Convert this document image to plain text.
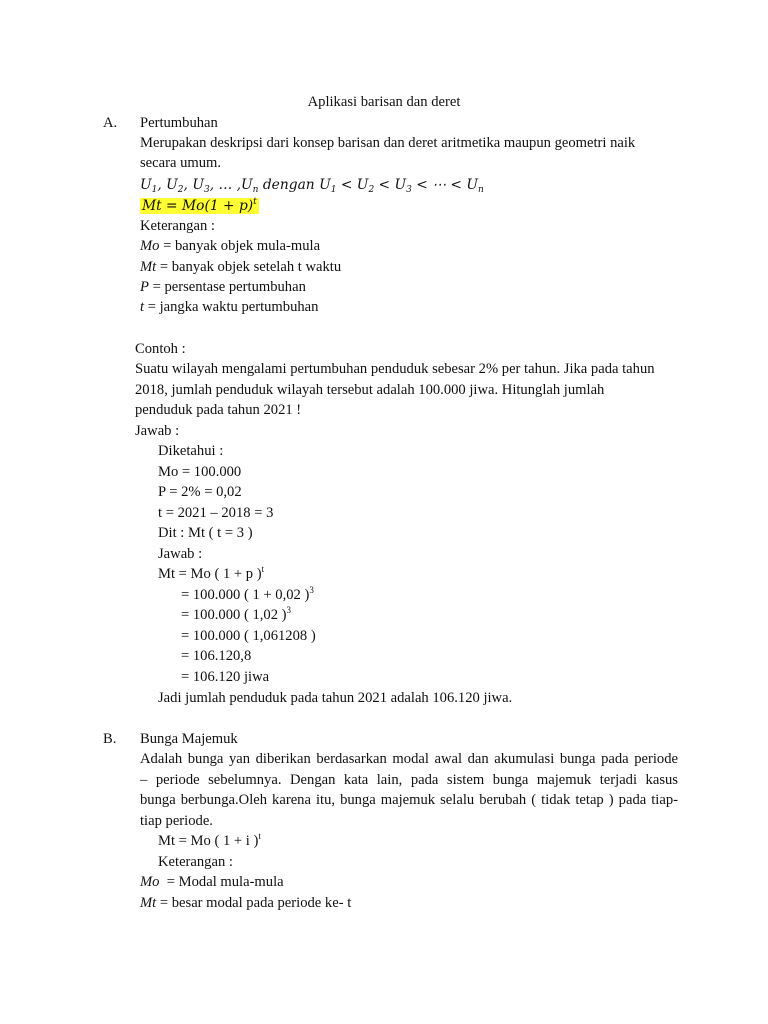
Aplikasi barisan dan deret
A. Pertumbuhan
Merupakan deskripsi dari konsep barisan dan deret aritmetika maupun geometri naik
secara umum.
$U_1$, $U_2$, $U_3$, … $,U_n$ dengan $U_1 < U_2 < U_3$ < ⋯ < $U_n$
$Mt = Mo(1 + p)^t$
Keterangan :
Mo = banyak objek mula-mula
Mt = banyak objek setelah t waktu
P = persentase pertumbuhan
t = jangka waktu pertumbuhan
Contoh :
Suatu wilayah mengalami pertumbuhan penduduk sebesar 2% per tahun. Jika pada tahun
2018, jumlah penduduk wilayah tersebut adalah 100.000 jiwa. Hitunglah jumlah
penduduk pada tahun 2021 !
Jawab :
Diketahui :
Mo = 100.000
P = 2% = 0,02
t = 2021 – 2018 = 3
Dit : Mt ( t = 3 )
Jawab :
Mt = Mo ( 1 + p )$^t$
= 100.000 ( 1 + 0,02 )$^3$
= 100.000 ( 1,02 )$^3$
= 100.000 ( 1,061208 )
= 106.120,8
= 106.120 jiwa
Jadi jumlah penduduk pada tahun 2021 adalah 106.120 jiwa.
B. Bunga Majemuk
Adalah bunga yan diberikan berdasarkan modal awal dan akumulasi bunga pada periode
– periode sebelumnya. Dengan kata lain, pada sistem bunga majemuk terjadi kasus
bunga berbunga.Oleh karena itu, bunga majemuk selalu berubah ( tidak tetap ) pada tiap-
tiap periode.
Mt = Mo ( 1 + i )$^t$
Keterangan :
Mo  = Modal mula-mula
Mt = besar modal pada periode ke- t
